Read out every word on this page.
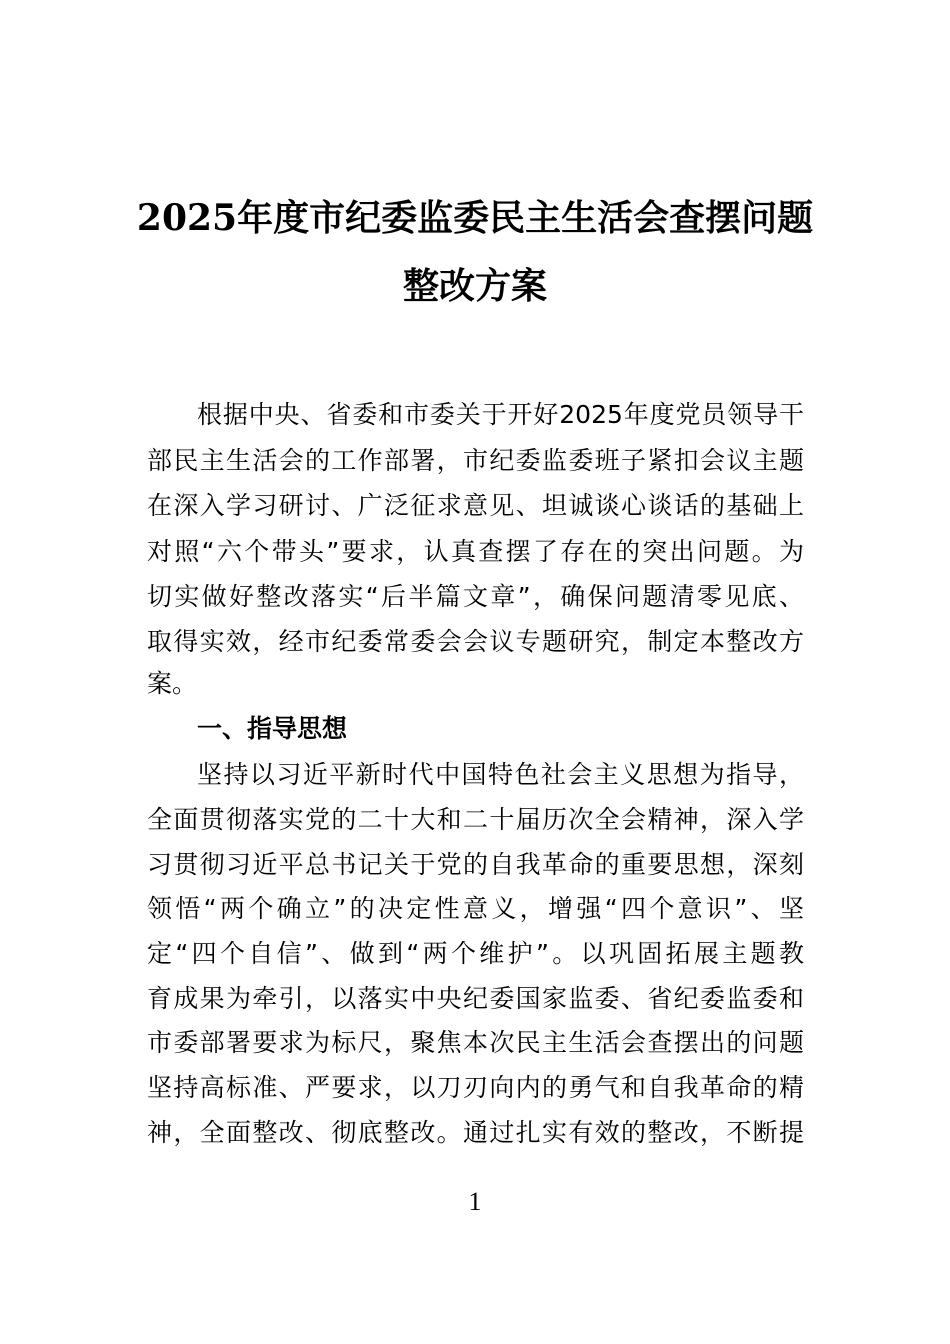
2025年度市纪委监委民主生活会查摆问题
整改方案
根据中央、省委和市委关于开好2025年度党员领导干
部民主生活会的工作部署，市纪委监委班子紧扣会议主题
在深入学习研讨、广泛征求意见、坦诚谈心谈话的基础上
对照“六个带头”要求，认真查摆了存在的突出问题。为
切实做好整改落实“后半篇文章”，确保问题清零见底、
取得实效，经市纪委常委会会议专题研究，制定本整改方
案。
一、指导思想
坚持以习近平新时代中国特色社会主义思想为指导，
全面贯彻落实党的二十大和二十届历次全会精神，深入学
习贯彻习近平总书记关于党的自我革命的重要思想，深刻
领悟“两个确立”的决定性意义，增强“四个意识”、坚
定“四个自信”、做到“两个维护”。以巩固拓展主题教
育成果为牵引，以落实中央纪委国家监委、省纪委监委和
市委部署要求为标尺，聚焦本次民主生活会查摆出的问题
坚持高标准、严要求，以刀刃向内的勇气和自我革命的精
神，全面整改、彻底整改。通过扎实有效的整改，不断提
1
